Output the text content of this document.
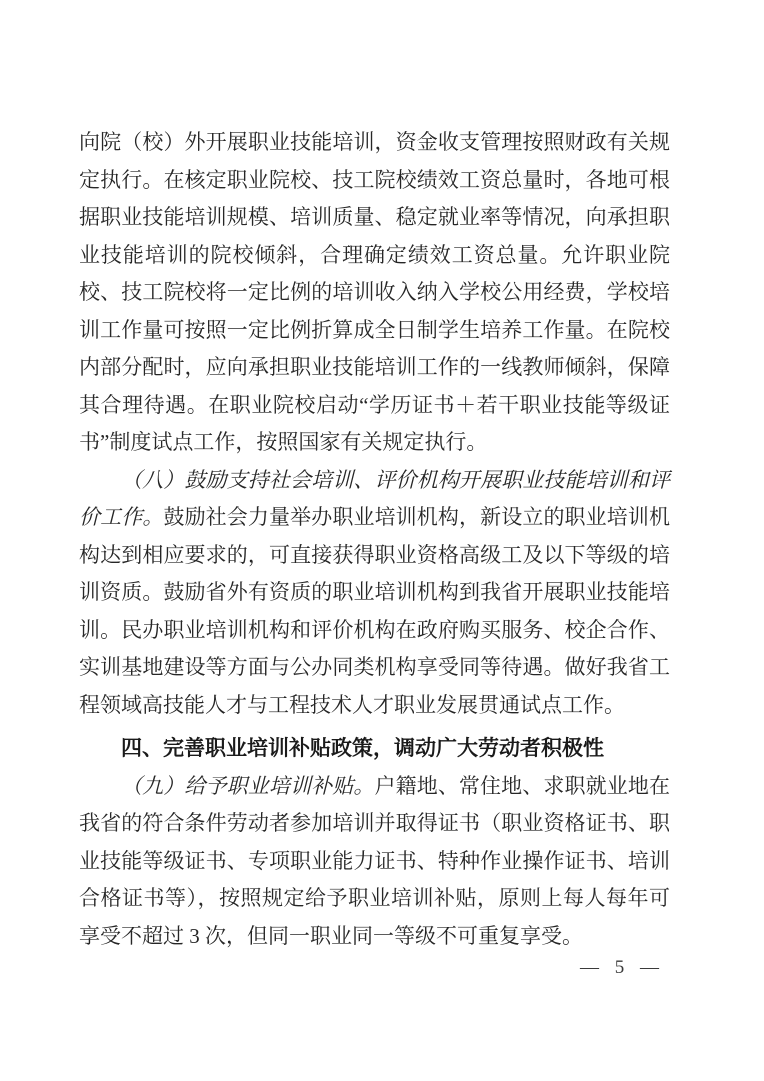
向院（校）外开展职业技能培训，资金收支管理按照财政有关规定执行。在核定职业院校、技工院校绩效工资总量时，各地可根据职业技能培训规模、培训质量、稳定就业率等情况，向承担职业技能培训的院校倾斜，合理确定绩效工资总量。允许职业院校、技工院校将一定比例的培训收入纳入学校公用经费，学校培训工作量可按照一定比例折算成全日制学生培养工作量。在院校内部分配时，应向承担职业技能培训工作的一线教师倾斜，保障其合理待遇。在职业院校启动“学历证书＋若干职业技能等级证书”制度试点工作，按照国家有关规定执行。

（八）鼓励支持社会培训、评价机构开展职业技能培训和评价工作。鼓励社会力量举办职业培训机构，新设立的职业培训机构达到相应要求的，可直接获得职业资格高级工及以下等级的培训资质。鼓励省外有资质的职业培训机构到我省开展职业技能培训。民办职业培训机构和评价机构在政府购买服务、校企合作、实训基地建设等方面与公办同类机构享受同等待遇。做好我省工程领域高技能人才与工程技术人才职业发展贯通试点工作。

四、完善职业培训补贴政策，调动广大劳动者积极性

（九）给予职业培训补贴。户籍地、常住地、求职就业地在我省的符合条件劳动者参加培训并取得证书（职业资格证书、职业技能等级证书、专项职业能力证书、特种作业操作证书、培训合格证书等），按照规定给予职业培训补贴，原则上每人每年可享受不超过 3 次，但同一职业同一等级不可重复享受。

— 5 —
